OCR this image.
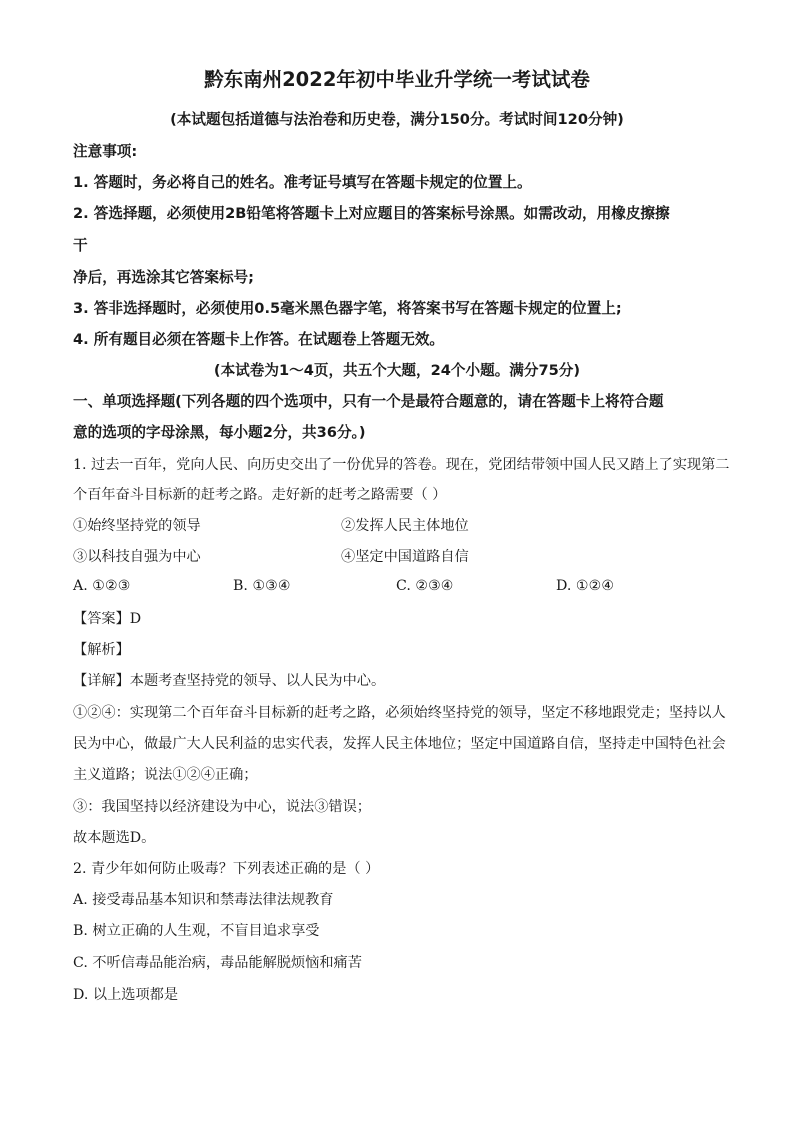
黔东南州2022年初中毕业升学统一考试试卷
(本试题包括道德与法治卷和历史卷，满分150分。考试时间120分钟)
注意事项:
1. 答题时，务必将自己的姓名。准考证号填写在答题卡规定的位置上。
2. 答选择题，必须使用2B铅笔将答题卡上对应题目的答案标号涂黑。如需改动，用橡皮擦擦
干
净后，再选涂其它答案标号;
3. 答非选择题时，必须使用0.5毫米黑色器字笔，将答案书写在答题卡规定的位置上;
4. 所有题目必须在答题卡上作答。在试题卷上答题无效。
(本试卷为1～4页，共五个大题，24个小题。满分75分)
一、单项选择题(下列各题的四个选项中，只有一个是最符合题意的，请在答题卡上将符合题
意的选项的字母涂黑，每小题2分，共36分。)
1. 过去一百年，党向人民、向历史交出了一份优异的答卷。现在，党团结带领中国人民又踏上了实现第二
个百年奋斗目标新的赶考之路。走好新的赶考之路需要（ ）
①始终坚持党的领导	②发挥人民主体地位
③以科技自强为中心	④坚定中国道路自信
A. ①②③	B. ①③④	C. ②③④	D. ①②④
【答案】D
【解析】
【详解】本题考查坚持党的领导、以人民为中心。
①②④：实现第二个百年奋斗目标新的赶考之路，必须始终坚持党的领导，坚定不移地跟党走；坚持以人
民为中心，做最广大人民利益的忠实代表，发挥人民主体地位；坚定中国道路自信，坚持走中国特色社会
主义道路；说法①②④正确；
③：我国坚持以经济建设为中心，说法③错误；
故本题选D。
2. 青少年如何防止吸毒？下列表述正确的是（ ）
A. 接受毒品基本知识和禁毒法律法规教育
B. 树立正确的人生观，不盲目追求享受
C. 不听信毒品能治病，毒品能解脱烦恼和痛苦
D. 以上选项都是
